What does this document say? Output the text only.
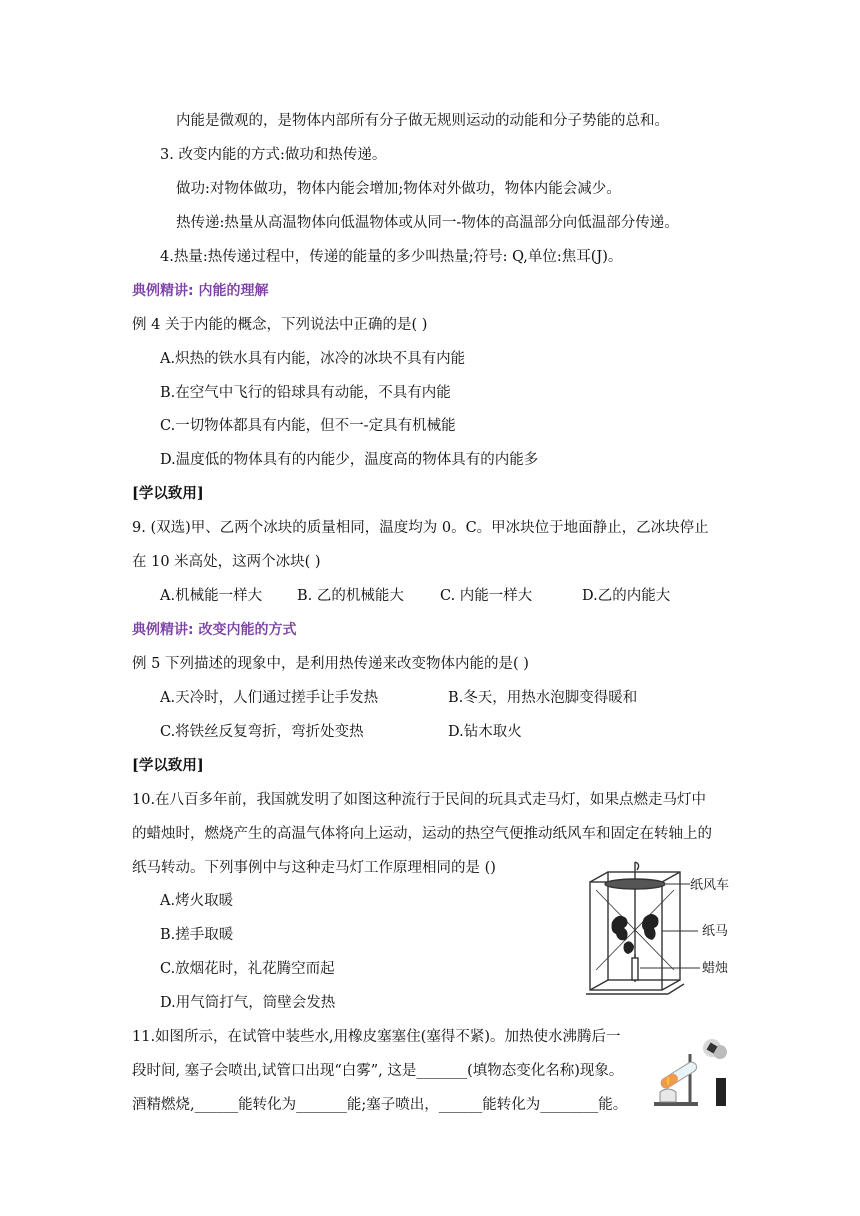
内能是微观的，是物体内部所有分子做无规则运动的动能和分子势能的总和。
3. 改变内能的方式:做功和热传递。
做功:对物体做功，物体内能会增加;物体对外做功，物体内能会减少。
热传递:热量从高温物体向低温物体或从同一-物体的高温部分向低温部分传递。
4.热量:热传递过程中，传递的能量的多少叫热量;符号: Q,单位:焦耳(J)。
典例精讲: 内能的理解
例 4 关于内能的概念，下列说法中正确的是( )
A.炽热的铁水具有内能，冰冷的冰块不具有内能
B.在空气中飞行的铅球具有动能，不具有内能
C.一切物体都具有内能，但不一-定具有机械能
D.温度低的物体具有的内能少，温度高的物体具有的内能多
[学以致用]
9. (双选)甲、乙两个冰块的质量相同，温度均为 0。C。甲冰块位于地面静止，乙冰块停止
在 10 米高处，这两个冰块( )
A.机械能一样大 B. 乙的机械能大 C. 内能一样大	D.乙的内能大
典例精讲: 改变内能的方式
例 5 下列描述的现象中，是利用热传递来改变物体内能的是( )
A.天冷时，人们通过搓手让手发热	B.冬天，用热水泡脚变得暖和
C.将铁丝反复弯折，弯折处变热	D.钻木取火
[学以致用]
10.在八百多年前，我国就发明了如图这种流行于民间的玩具式走马灯，如果点燃走马灯中
的蜡烛时，燃烧产生的高温气体将向上运动，运动的热空气便推动纸风车和固定在转轴上的
纸马转动。下列事例中与这种走马灯工作原理相同的是 ()
A.烤火取暖
B.搓手取暖
C.放烟花时，礼花腾空而起
D.用气筒打气，筒壁会发热
纸风车
纸马
蜡烛
11.如图所示，在试管中装些水,用橡皮塞塞住(塞得不紧)。加热使水沸腾后一
段时间, 塞子会喷出,试管口出现“白雾”, 这是_______(填物态变化名称)现象。
酒精燃烧,______能转化为_______能;塞子喷出，______能转化为________能。
